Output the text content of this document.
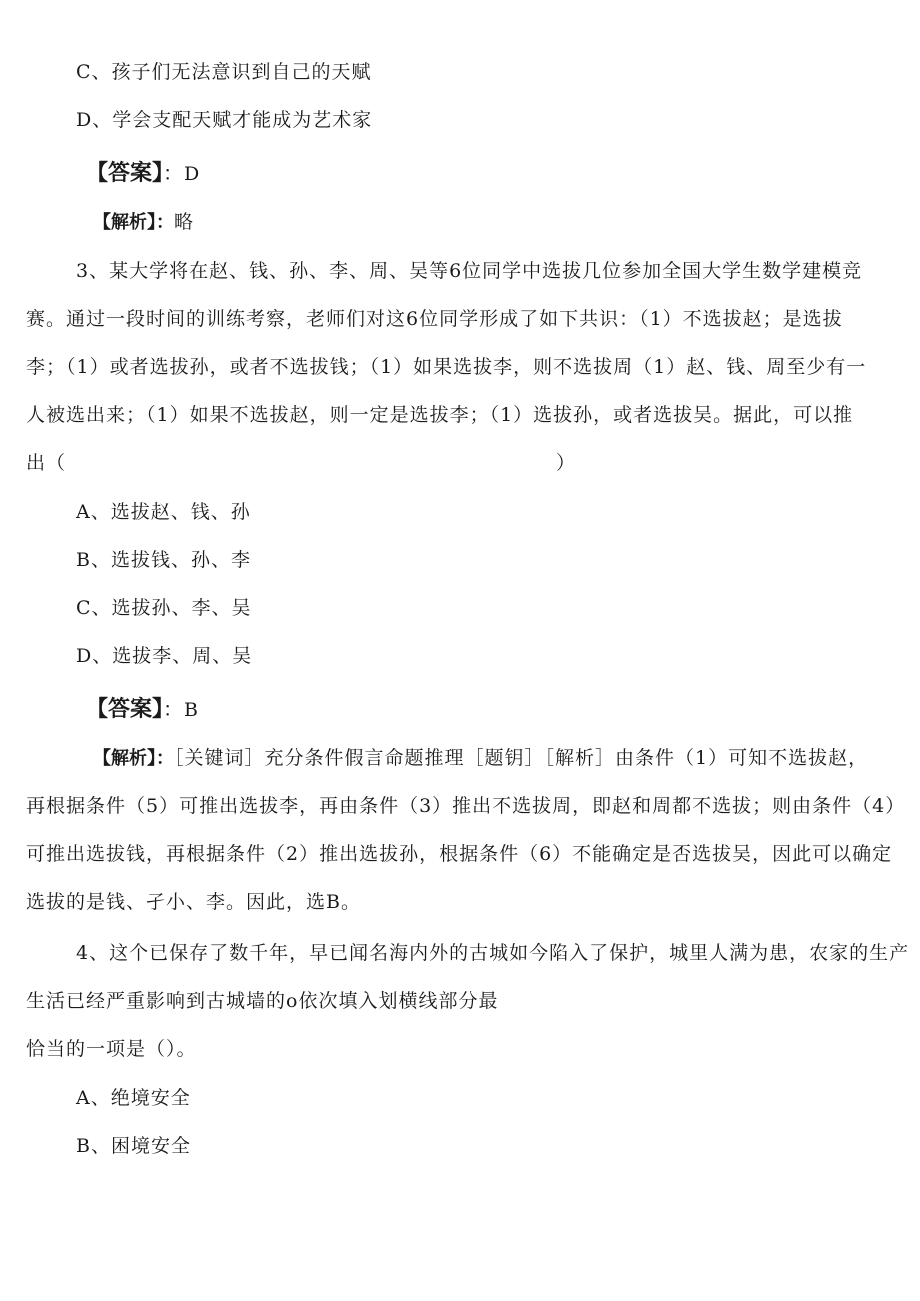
C、孩子们无法意识到自己的天赋
D、学会支配天赋才能成为艺术家
【答案】：D
【解析】：略
3、某大学将在赵、钱、孙、李、周、吴等6位同学中选拔几位参加全国大学生数学建模竞
赛。通过一段时间的训练考察，老师们对这6位同学形成了如下共识：（1）不选拔赵；是选拔
李；（1）或者选拔孙，或者不选拔钱；（1）如果选拔李，则不选拔周（1）赵、钱、周至少有一
人被选出来；（1）如果不选拔赵，则一定是选拔李；（1）选拔孙，或者选拔吴。据此，可以推
出（	）
A、选拔赵、钱、孙
B、选拔钱、孙、李
C、选拔孙、李、吴
D、选拔李、周、吴
【答案】：B
【解析】：［关键词］充分条件假言命题推理［题钥］［解析］由条件（1）可知不选拔赵，
再根据条件（5）可推出选拔李，再由条件（3）推出不选拔周，即赵和周都不选拔；则由条件（4）
可推出选拔钱，再根据条件（2）推出选拔孙，根据条件（6）不能确定是否选拔吴，因此可以确定
选拔的是钱、孑小、李。因此，选B。
4、这个已保存了数千年，早已闻名海内外的古城如今陷入了保护，城里人满为患，农家的生产
生活已经严重影响到古城墙的o依次填入划横线部分最
恰当的一项是（）。
A、绝境安全
B、困境安全
